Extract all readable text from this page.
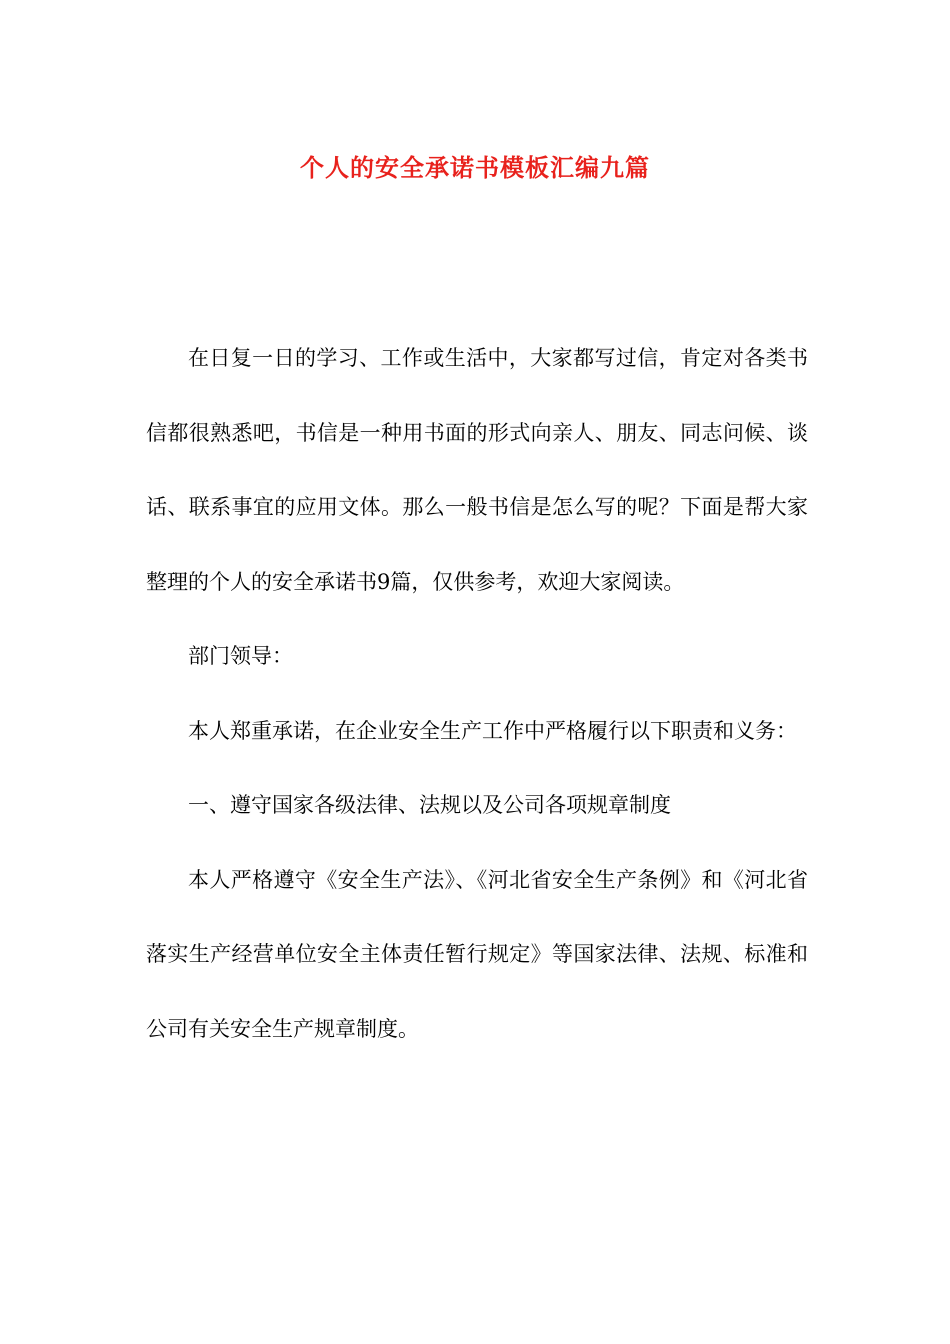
个人的安全承诺书模板汇编九篇

在日复一日的学习、工作或生活中，大家都写过信，肯定对各类书信都很熟悉吧，书信是一种用书面的形式向亲人、朋友、同志问候、谈话、联系事宜的应用文体。那么一般书信是怎么写的呢？下面是帮大家整理的个人的安全承诺书9篇，仅供参考，欢迎大家阅读。

部门领导：

本人郑重承诺，在企业安全生产工作中严格履行以下职责和义务：

一、遵守国家各级法律、法规以及公司各项规章制度

本人严格遵守《安全生产法》、《河北省安全生产条例》和《河北省落实生产经营单位安全主体责任暂行规定》等国家法律、法规、标准和公司有关安全生产规章制度。
